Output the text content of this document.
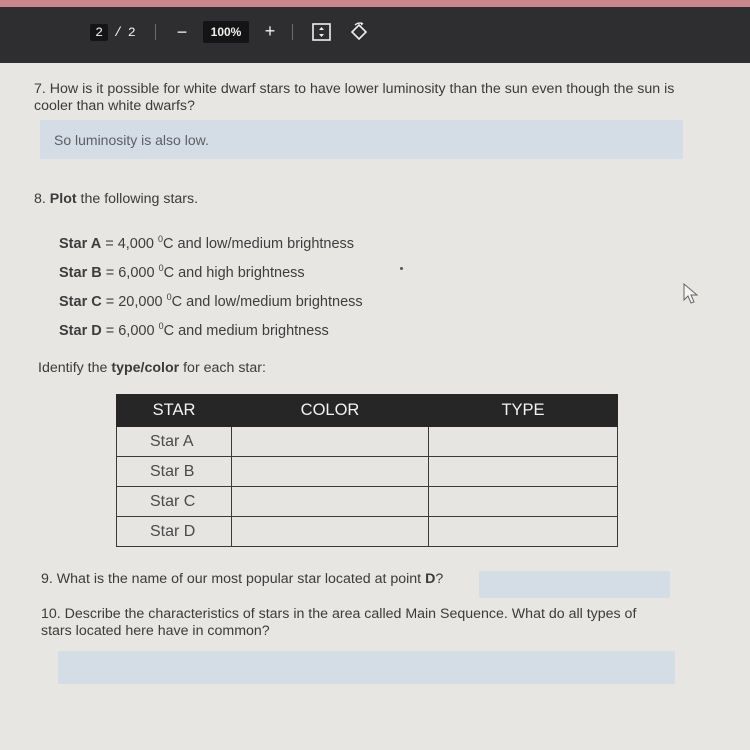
2 / 2 −	100%	+
7. How is it possible for white dwarf stars to have lower luminosity than the sun even though the sun is cooler than white dwarfs?
So luminosity is also low.
8. Plot the following stars.
Star A = 4,000 $^0$C and low/medium brightness
Star B = 6,000 $^0$C and high brightness
Star C = 20,000 $^0$C and low/medium brightness
Star D = 6,000 $^0$C and medium brightness
Identify the type/color for each star:
STAR	COLOR	TYPE
Star A		
Star B		
Star C		
Star D		
9. What is the name of our most popular star located at point D?
10. Describe the characteristics of stars in the area called Main Sequence. What do all types of
stars located here have in common?
